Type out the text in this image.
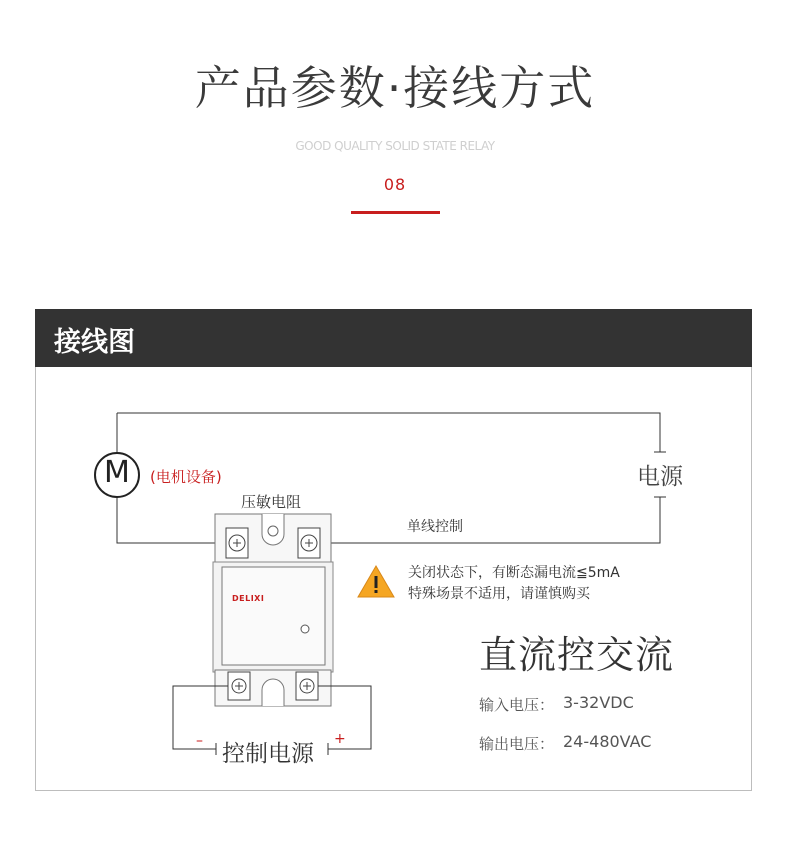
产品参数·接线方式
GOOD QUALITY SOLID STATE RELAY
08
接线图
M (电机设备)	电源
压敏电阻
单线控制
DELIXI
关闭状态下，有断态漏电流≦5mA
特殊场景不适用，请谨慎购买
直流控交流
输入电压： 3-32VDC
输出电压： 24-480VAC
– 控制电源
+
